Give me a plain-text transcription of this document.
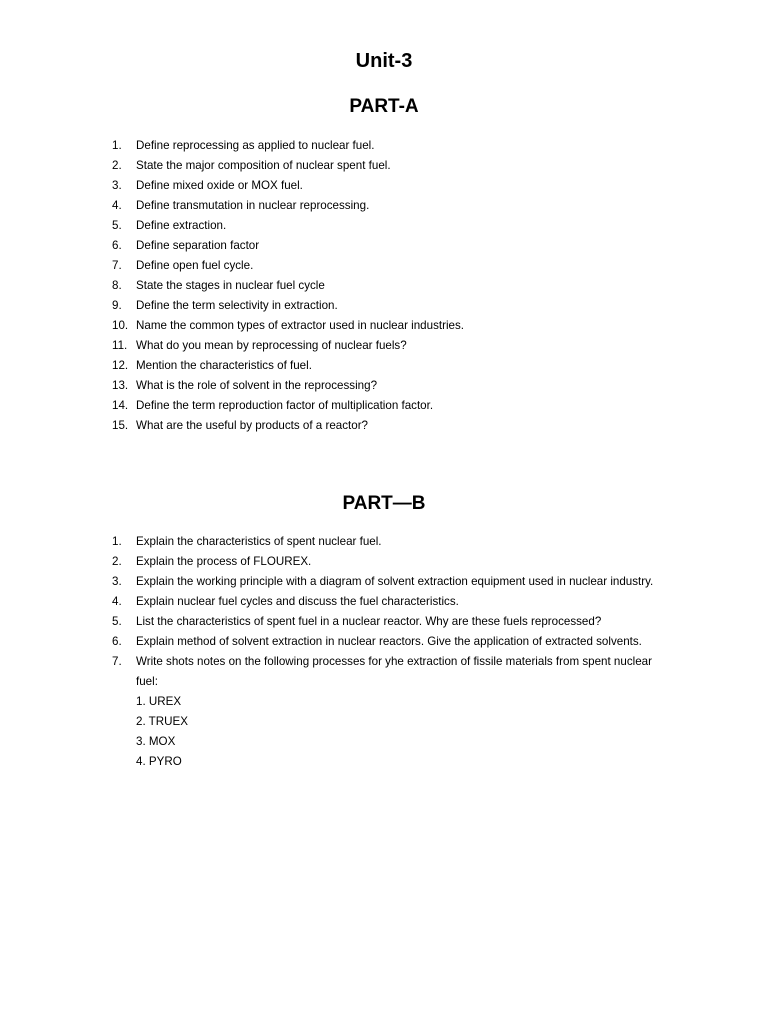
Unit-3
PART-A
1. Define reprocessing as applied to nuclear fuel.
2. State the major composition of nuclear spent fuel.
3. Define mixed oxide or MOX fuel.
4. Define transmutation in nuclear reprocessing.
5. Define extraction.
6. Define separation factor
7. Define open fuel cycle.
8. State the stages in nuclear fuel cycle
9. Define the term selectivity in extraction.
10. Name the common types of extractor used in nuclear industries.
11. What do you mean by reprocessing of nuclear fuels?
12. Mention the characteristics of fuel.
13. What is the role of solvent in the reprocessing?
14. Define the term reproduction factor of multiplication factor.
15. What are the useful by products of a reactor?
PART—B
1. Explain the characteristics of spent nuclear fuel.
2. Explain the process of FLOUREX.
3. Explain the working principle with a diagram of solvent extraction equipment used in nuclear industry.
4. Explain nuclear fuel cycles and discuss the fuel characteristics.
5. List the characteristics of spent fuel in a nuclear reactor. Why are these fuels reprocessed?
6. Explain method of solvent extraction in nuclear reactors. Give the application of extracted solvents.
7. Write shots notes on the following processes for yhe extraction of fissile materials from spent nuclear fuel:
1. UREX
2. TRUEX
3. MOX
4. PYRO
